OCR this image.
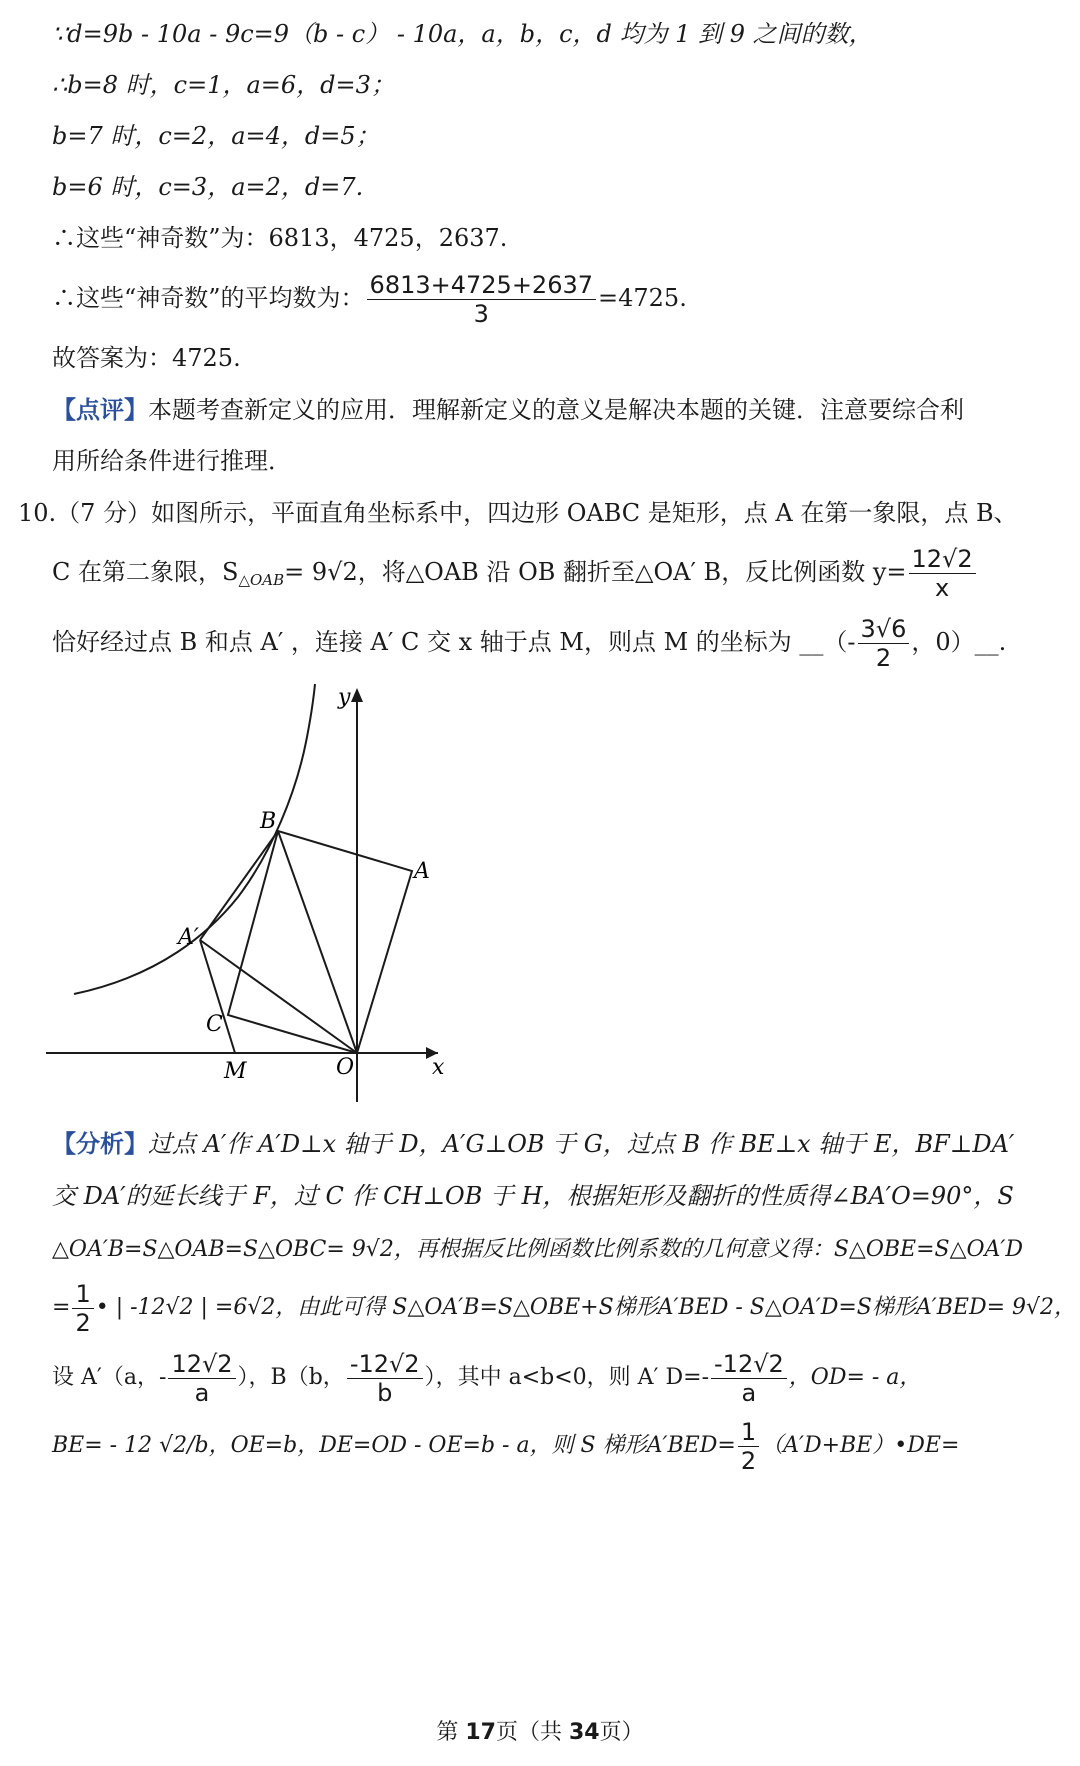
∵d=9b - 10a - 9c=9（b - c） - 10a，a，b，c，d 均为 1 到 9 之间的数，
∴b=8 时，c=1，a=6，d=3；
b=7 时，c=2，a=4，d=5；
b=6 时，c=3，a=2，d=7.
∴这些“神奇数”为：6813，4725，2637.
∴这些“神奇数”的平均数为： $\frac{6813+4725+2637}{3} =4725$.
故答案为：4725.
【点评】本题考查新定义的应用．理解新定义的意义是解决本题的关键．注意要综合利
用所给条件进行推理．
10.（7 分）如图所示，平面直角坐标系中，四边形 OABC 是矩形，点 A 在第一象限，点 B、
C 在第二象限，$S_{\triangle OAB}= 9√2$，将△OAB 沿 OB 翻折至△OA′ B，反比例函数 $y= \frac{12√2}{x}$
恰好经过点 B 和点 A′ ，连接 A′ C 交 x 轴于点 M，则点 M 的坐标为 __（- $\frac{3√6}{2}$ ，0）__.
y
x
O
A
B
A′
C
M
【分析】过点 A′作 A′D⊥x 轴于 D，A′G⊥OB 于 G，过点 B 作 BE⊥x 轴于 E，BF⊥DA′
交 DA′的延长线于 F，过 C 作 CH⊥OB 于 H，根据矩形及翻折的性质得∠BA′O=90°，S
△OA′B=S△OAB=S△OBC= 9√2，再根据反比例函数比例系数的几何意义得：S△OBE=S△OA′D
= $\frac{1}{2}$ • | -12√2 | =6√2，由此可得 S△OA′B=S△OBE+S梯形A′BED - S△OA′D=S梯形A′BED= 9√2，
设 A′（a，- $\frac{12√2}{a}$ ），B（b， $\frac{-12√2}{b}$ ），其中 a<b<0，则 A′ $D=- \frac{-12√2}{a}$ ，OD= - a，
BE= - 12 √2/b，OE=b，DE=OD - OE=b - a，则 S 梯形$A'BED= \frac{1}{2}$ （A′D+BE）•DE=
第 17页（共 34页）
